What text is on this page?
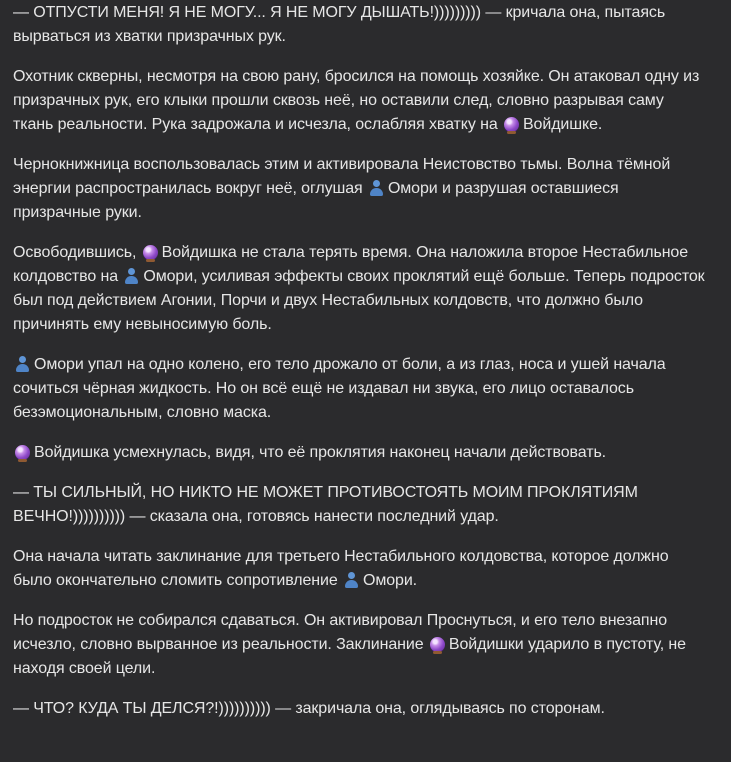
— ОТПУСТИ МЕНЯ! Я НЕ МОГУ... Я НЕ МОГУ ДЫШАТЬ!))))))))) — кричала она, пытаясь вырваться из хватки призрачных рук.

Охотник скверны, несмотря на свою рану, бросился на помощь хозяйке. Он атаковал одну из призрачных рук, его клыки прошли сквозь неё, но оставили след, словно разрывая саму ткань реальности. Рука задрожала и исчезла, ослабляя хватку на Войдишке.

Чернокнижница воспользовалась этим и активировала Неистовство тьмы. Волна тёмной энергии распространилась вокруг неё, оглушая Омори и разрушая оставшиеся призрачные руки.

Освободившись, Войдишка не стала терять время. Она наложила второе Нестабильное колдовство на Омори, усиливая эффекты своих проклятий ещё больше. Теперь подросток был под действием Агонии, Порчи и двух Нестабильных колдовств, что должно было причинять ему невыносимую боль.

Омори упал на одно колено, его тело дрожало от боли, а из глаз, носа и ушей начала сочиться чёрная жидкость. Но он всё ещё не издавал ни звука, его лицо оставалось безэмоциональным, словно маска.

Войдишка усмехнулась, видя, что её проклятия наконец начали действовать.

— ТЫ СИЛЬНЫЙ, НО НИКТО НЕ МОЖЕТ ПРОТИВОСТОЯТЬ МОИМ ПРОКЛЯТИЯМ ВЕЧНО!)))))))))) — сказала она, готовясь нанести последний удар.

Она начала читать заклинание для третьего Нестабильного колдовства, которое должно было окончательно сломить сопротивление Омори.

Но подросток не собирался сдаваться. Он активировал Проснуться, и его тело внезапно исчезло, словно вырванное из реальности. Заклинание Войдишки ударило в пустоту, не находя своей цели.

— ЧТО? КУДА ТЫ ДЕЛСЯ?!)))))))))) — закричала она, оглядываясь по сторонам.
